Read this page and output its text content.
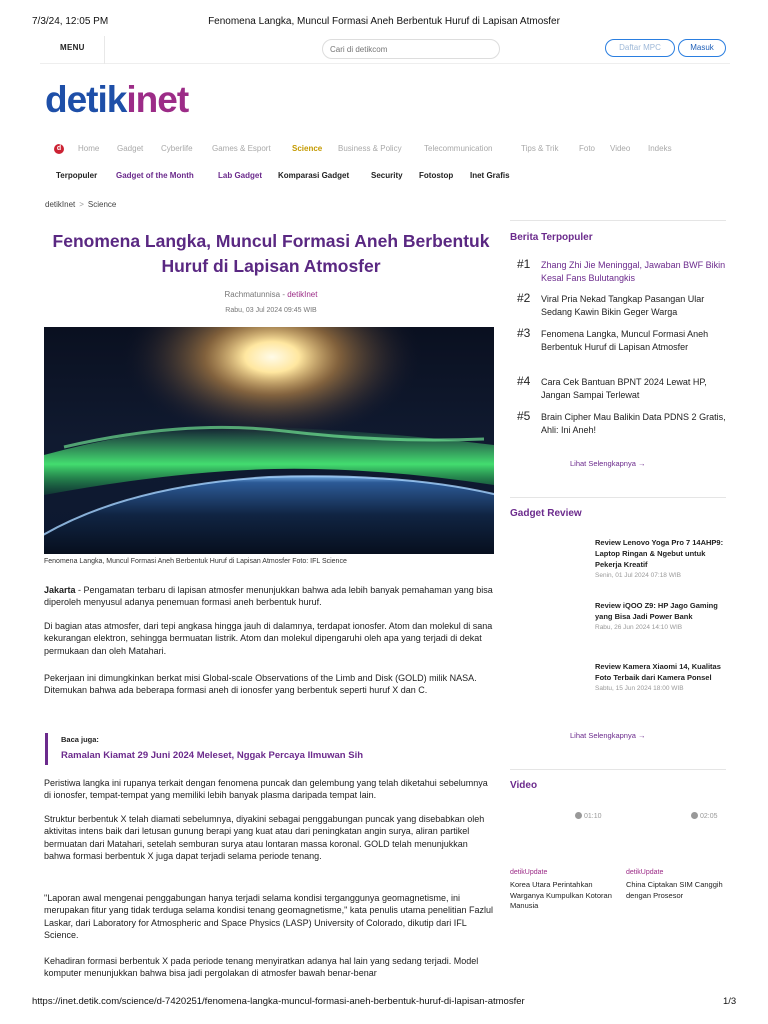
7/3/24, 12:05 PM	Fenomena Langka, Muncul Formasi Aneh Berbentuk Huruf di Lapisan Atmosfer
MENU
Cari di detikcom	Daftar MPC	Masuk
detikinet
d	Home Gadget Cyberlife Games & Esport	Science Business & Policy	Telecommunication	Tips & Trik	Foto Video Indeks
Terpopuler Gadget of the Month	Lab Gadget Komparasi Gadget	Security Fotostop Inet Grafis
detikInet > Science
Fenomena Langka, Muncul Formasi Aneh Berbentuk Huruf di Lapisan Atmosfer
Rachmatunnisa - detikInet
Rabu, 03 Jul 2024 09:45 WIB
Fenomena Langka, Muncul Formasi Aneh Berbentuk Huruf di Lapisan Atmosfer Foto: IFL Science

Jakarta - Pengamatan terbaru di lapisan atmosfer menunjukkan bahwa ada lebih banyak pemahaman yang bisa diperoleh menyusul adanya penemuan formasi aneh berbentuk huruf.

Di bagian atas atmosfer, dari tepi angkasa hingga jauh di dalamnya, terdapat ionosfer. Atom dan molekul di sana kekurangan elektron, sehingga bermuatan listrik. Atom dan molekul dipengaruhi oleh apa yang terjadi di dekat permukaan dan oleh Matahari.

Pekerjaan ini dimungkinkan berkat misi Global-scale Observations of the Limb and Disk (GOLD) milik NASA. Ditemukan bahwa ada beberapa formasi aneh di ionosfer yang berbentuk seperti huruf X dan C.

Baca juga:
Ramalan Kiamat 29 Juni 2024 Meleset, Nggak Percaya Ilmuwan Sih

Peristiwa langka ini rupanya terkait dengan fenomena puncak dan gelembung yang telah diketahui sebelumnya di ionosfer, tempat-tempat yang memiliki lebih banyak plasma daripada tempat lain.

Struktur berbentuk X telah diamati sebelumnya, diyakini sebagai penggabungan puncak yang disebabkan oleh aktivitas intens baik dari letusan gunung berapi yang kuat atau dari peningkatan angin surya, aliran partikel bermuatan dari Matahari, setelah semburan surya atau lontaran massa koronal. GOLD telah menunjukkan bahwa formasi berbentuk X juga dapat terjadi selama periode tenang.

"Laporan awal mengenai penggabungan hanya terjadi selama kondisi terganggunya geomagnetisme, ini merupakan fitur yang tidak terduga selama kondisi tenang geomagnetisme," kata penulis utama penelitian Fazlul Laskar, dari Laboratory for Atmospheric and Space Physics (LASP) University of Colorado, dikutip dari IFL Science.

Kehadiran formasi berbentuk X pada periode tenang menyiratkan adanya hal lain yang sedang terjadi. Model komputer menunjukkan bahwa bisa jadi pergolakan di atmosfer bawah benar-benar

Berita Terpopuler
#1 Zhang Zhi Jie Meninggal, Jawaban BWF Bikin Kesal Fans Bulutangkis
#2 Viral Pria Nekad Tangkap Pasangan Ular Sedang Kawin Bikin Geger Warga
#3 Fenomena Langka, Muncul Formasi Aneh Berbentuk Huruf di Lapisan Atmosfer
#4 Cara Cek Bantuan BPNT 2024 Lewat HP, Jangan Sampai Terlewat
#5 Brain Cipher Mau Balikin Data PDNS 2 Gratis, Ahli: Ini Aneh!
Lihat Selengkapnya →
Gadget Review
Review Lenovo Yoga Pro 7 14AHP9: Laptop Ringan & Ngebut untuk Pekerja Kreatif
Senin, 01 Jul 2024 07:18 WIB
Review iQOO Z9: HP Jago Gaming yang Bisa Jadi Power Bank
Rabu, 26 Jun 2024 14:10 WIB
Review Kamera Xiaomi 14, Kualitas Foto Terbaik dari Kamera Ponsel
Sabtu, 15 Jun 2024 18:00 WIB
Lihat Selengkapnya →
Video
01:10	02:05
detikUpdate
Korea Utara Perintahkan Warganya Kumpulkan Kotoran Manusia
detikUpdate
China Ciptakan SIM Canggih dengan Prosesor
https://inet.detik.com/science/d-7420251/fenomena-langka-muncul-formasi-aneh-berbentuk-huruf-di-lapisan-atmosfer	1/3
